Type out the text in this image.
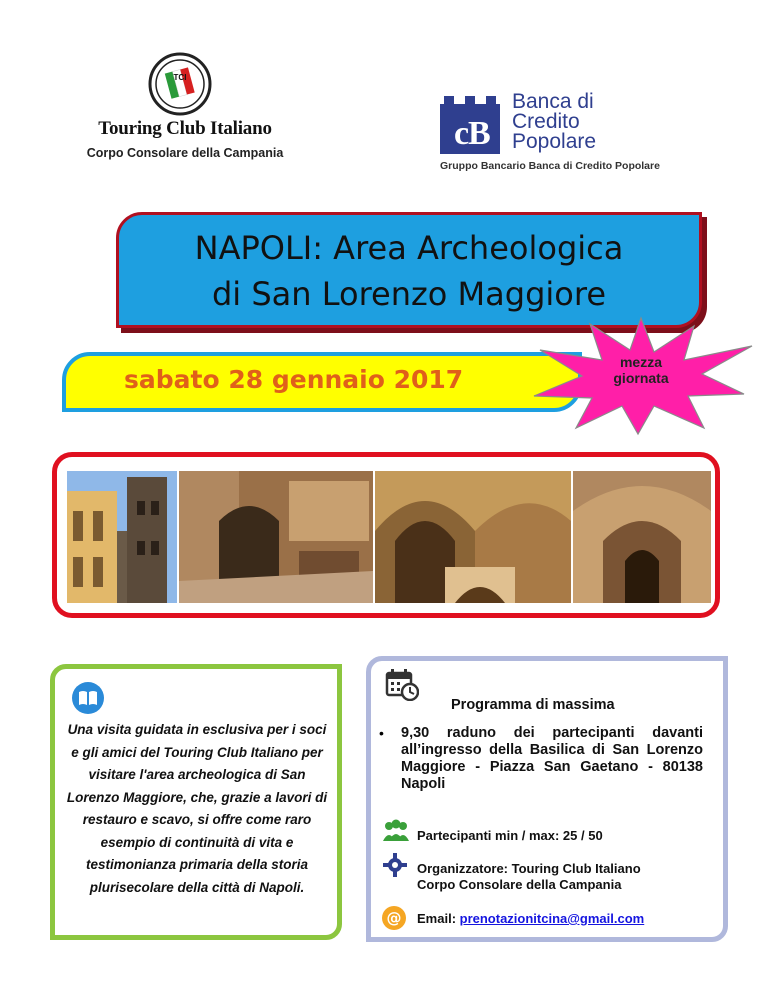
TCI
Touring Club Italiano
Corpo Consolare della Campania
c
B
Banca di
Credito
Popolare
Gruppo Bancario Banca di Credito Popolare
NAPOLI: Area Archeologica
di San Lorenzo Maggiore
sabato 28 gennaio 2017
mezza
giornata
Una visita guidata in esclusiva per i soci e gli amici del Touring Club Italiano per visitare l'area archeologica di San Lorenzo Maggiore, che, grazie a lavori di restauro e scavo, si offre come raro esempio di continuità di vita e testimonianza primaria della storia plurisecolare della città di Napoli.
Programma di massima
• 9,30 raduno dei partecipanti davanti all’ingresso della Basilica di San Lorenzo Maggiore - Piazza San Gaetano - 80138 Napoli
Partecipanti min / max: 25 / 50
Organizzatore: Touring Club Italiano
Corpo Consolare della Campania
@ Email: prenotazionitcina@gmail.com
